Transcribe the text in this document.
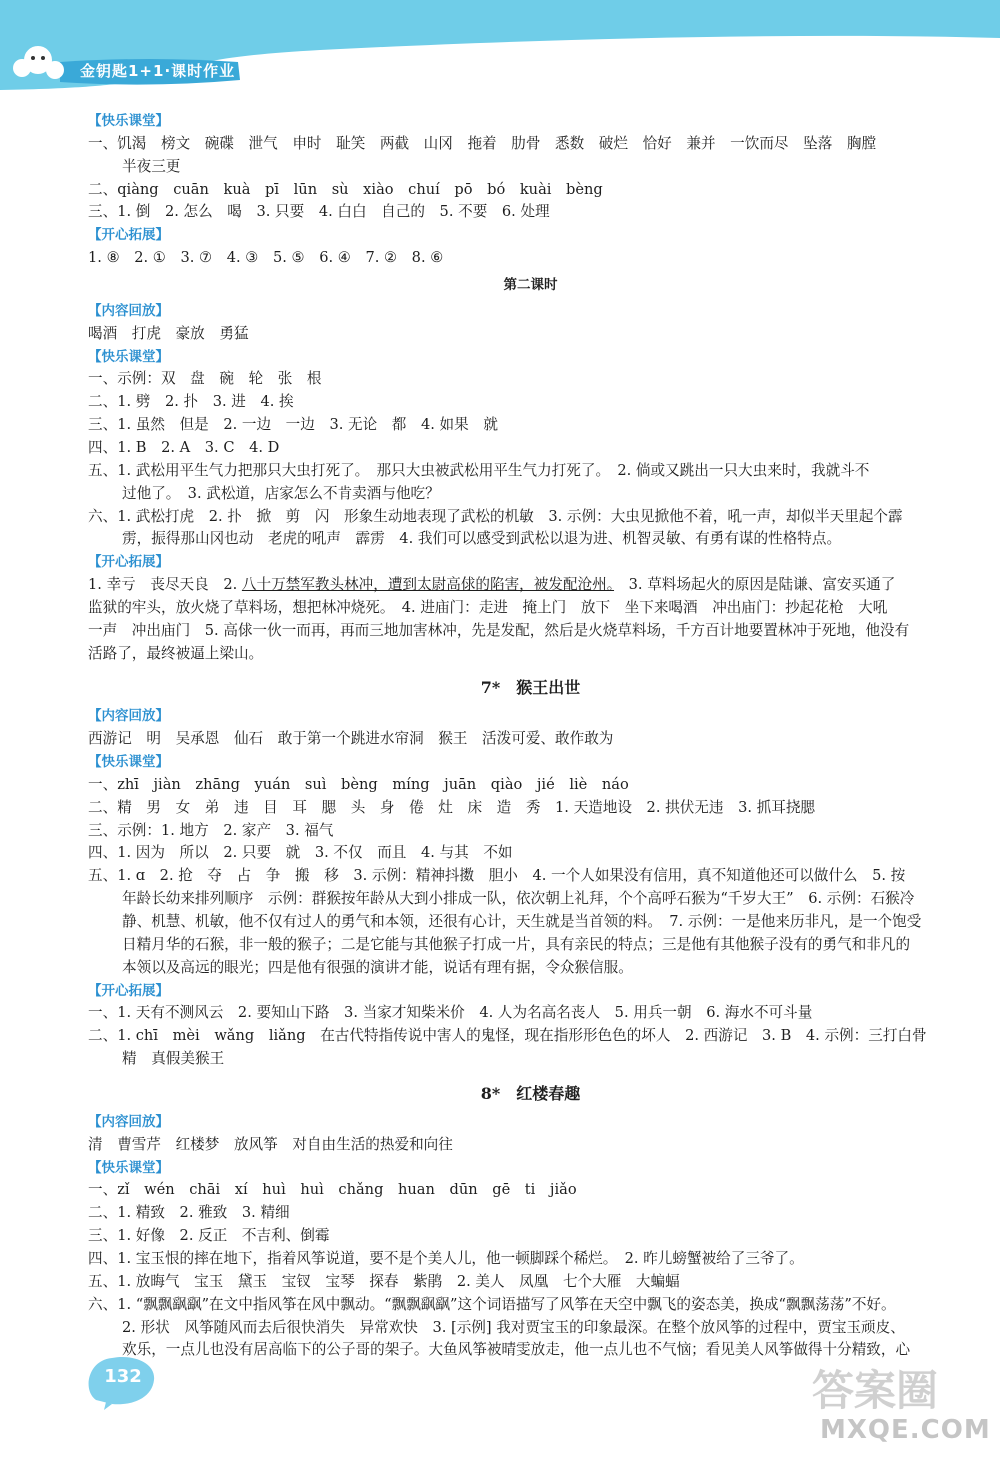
金钥匙1+1·课时作业
【快乐课堂】
一、饥渴　榜文　碗碟　泄气　申时　耻笑　两截　山冈　拖着　肋骨　悉数　破烂　恰好　兼并　一饮而尽　坠落　胸膛
半夜三更
二、qiàng　cuān　kuà　pī　lūn　sù　xiào　chuí　pō　bó　kuài　bèng
三、1. 倒　2. 怎么　喝　3. 只要　4. 白白　自己的　5. 不要　6. 处理
【开心拓展】
1. ⑧　2. ①　3. ⑦　4. ③　5. ⑤　6. ④　7. ②　8. ⑥
第二课时
【内容回放】
喝酒　打虎　豪放　勇猛
【快乐课堂】
一、示例：双　盘　碗　轮　张　根
二、1. 劈　2. 扑　3. 进　4. 挨
三、1. 虽然　但是　2. 一边　一边　3. 无论　都　4. 如果　就
四、1. B　2. A　3. C　4. D
五、1. 武松用平生气力把那只大虫打死了。　那只大虫被武松用平生气力打死了。　2. 倘或又跳出一只大虫来时，我就斗不
过他了。　3. 武松道，店家怎么不肯卖酒与他吃？
六、1. 武松打虎　2. 扑　掀　剪　闪　形象生动地表现了武松的机敏　3. 示例：大虫见掀他不着，吼一声，却似半天里起个霹
雳，振得那山冈也动　老虎的吼声　霹雳　4. 我们可以感受到武松以退为进、机智灵敏、有勇有谋的性格特点。
【开心拓展】
1. 幸亏　丧尽天良　2. 八十万禁军教头林冲，遭到太尉高俅的陷害，被发配沧州。　3. 草料场起火的原因是陆谦、富安买通了
监狱的牢头，放火烧了草料场，想把林冲烧死。　4. 进庙门：走进　掩上门　放下　坐下来喝酒　冲出庙门：抄起花枪　大吼
一声　冲出庙门　5. 高俅一伙一而再，再而三地加害林冲，先是发配，然后是火烧草料场，千方百计地要置林冲于死地，他没有
活路了，最终被逼上梁山。
7*　猴王出世
【内容回放】
西游记　明　吴承恩　仙石　敢于第一个跳进水帘洞　猴王　活泼可爱、敢作敢为
【快乐课堂】
一、zhī　jiàn　zhāng　yuán　suì　bèng　míng　juān　qiào　jié　liè　náo
二、精　男　女　弟　违　目　耳　腮　头　身　倦　灶　床　造　秀　1. 天造地设　2. 拱伏无违　3. 抓耳挠腮
三、示例：1. 地方　2. 家产　3. 福气
四、1. 因为　所以　2. 只要　就　3. 不仅　而且　4. 与其　不如
五、1. ɑ　2. 抢　夺　占　争　搬　移　3. 示例：精神抖擞　胆小　4. 一个人如果没有信用，真不知道他还可以做什么　5. 按
年龄长幼来排列顺序　示例：群猴按年龄从大到小排成一队，依次朝上礼拜，个个高呼石猴为“千岁大王”　6. 示例：石猴冷
静、机慧、机敏，他不仅有过人的勇气和本领，还很有心计，天生就是当首领的料。　7. 示例：一是他来历非凡，是一个饱受
日精月华的石猴，非一般的猴子；二是它能与其他猴子打成一片，具有亲民的特点；三是他有其他猴子没有的勇气和非凡的
本领以及高远的眼光；四是他有很强的演讲才能，说话有理有据，令众猴信服。
【开心拓展】
一、1. 天有不测风云　2. 要知山下路　3. 当家才知柴米价　4. 人为名高名丧人　5. 用兵一朝　6. 海水不可斗量
二、1. chī　mèi　wǎng　liǎng　在古代特指传说中害人的鬼怪，现在指形形色色的坏人　2. 西游记　3. B　4. 示例：三打白骨
精　真假美猴王
8*　红楼春趣
【内容回放】
清　曹雪芹　红楼梦　放风筝　对自由生活的热爱和向往
【快乐课堂】
一、zǐ　wén　chāi　xí　huì　huì　chǎng　huan　dūn　gē　ti　jiǎo
二、1. 精致　2. 雅致　3. 精细
三、1. 好像　2. 反正　不吉利、倒霉
四、1. 宝玉恨的摔在地下，指着风筝说道，要不是个美人儿，他一顿脚踩个稀烂。　2. 昨儿螃蟹被给了三爷了。
五、1. 放晦气　宝玉　黛玉　宝钗　宝琴　探春　紫鹃　2. 美人　凤凰　七个大雁　大蝙蝠
六、1. “飘飘飖飖”在文中指风筝在风中飘动。“飘飘飖飖”这个词语描写了风筝在天空中飘飞的姿态美，换成“飘飘荡荡”不好。
2. 形状　风筝随风而去后很快消失　异常欢快　3. [示例] 我对贾宝玉的印象最深。在整个放风筝的过程中，贾宝玉顽皮、
欢乐，一点儿也没有居高临下的公子哥的架子。大鱼风筝被晴雯放走，他一点儿也不气恼；看见美人风筝做得十分精致，心
132	答案圈
MXQE.COM
